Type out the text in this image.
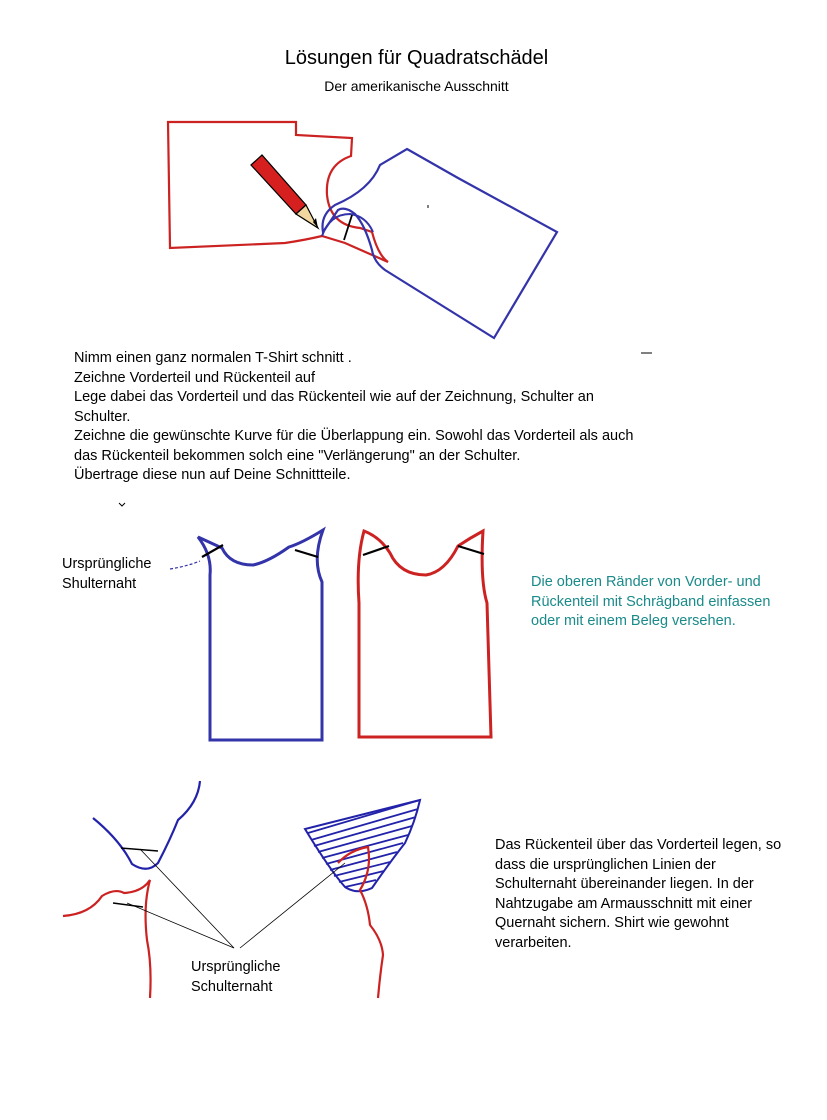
Lösungen für Quadratschädel
Der amerikanische Ausschnitt
Nimm einen ganz normalen T-Shirt schnitt .
Zeichne Vorderteil und Rückenteil auf
Lege dabei das Vorderteil und das Rückenteil wie auf der Zeichnung, Schulter an
Schulter.
Zeichne die gewünschte Kurve für die Überlappung ein. Sowohl das Vorderteil als auch
das Rückenteil bekommen solch eine "Verlängerung" an der Schulter.
Übertrage diese nun auf Deine Schnittteile.
Ursprüngliche
Shulternaht	Die oberen Ränder von Vorder- und Rückenteil mit Schrägband einfassen oder mit einem Beleg versehen.
Ursprüngliche
Schulternaht
Das Rückenteil über das Vorderteil legen, so dass die ursprünglichen Linien der Schulternaht übereinander liegen. In der Nahtzugabe am Armausschnitt mit einer Quernaht sichern. Shirt wie gewohnt verarbeiten.
